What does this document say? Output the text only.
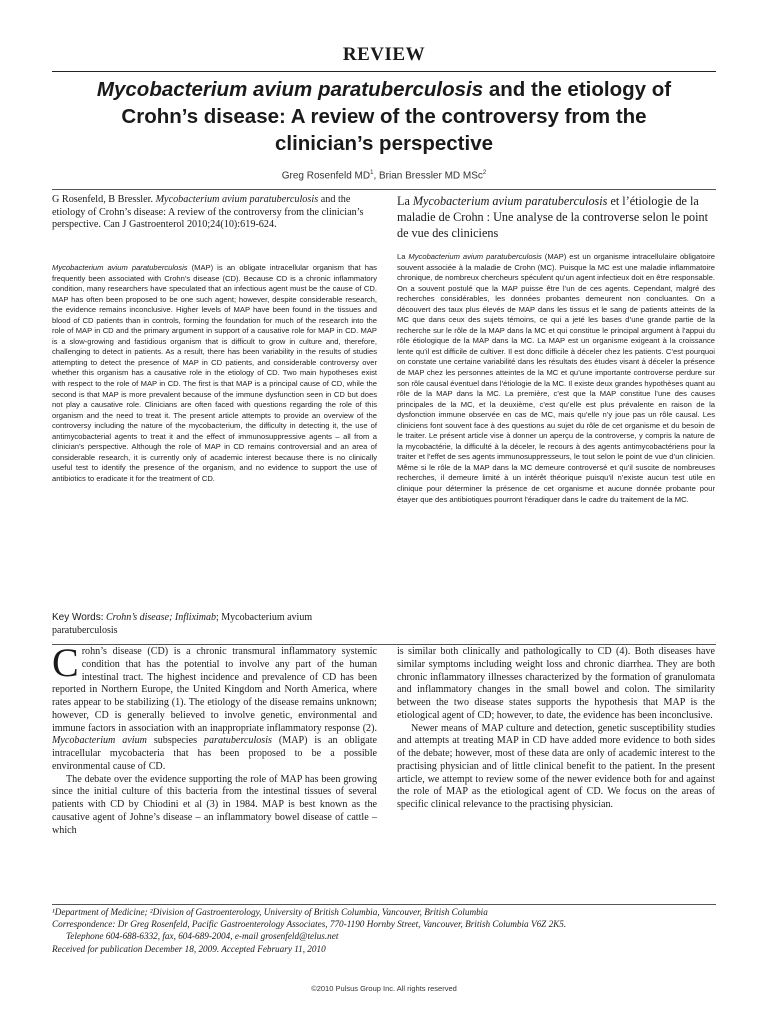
REVIEW
Mycobacterium avium paratuberculosis and the etiology of Crohn’s disease: A review of the controversy from the clinician’s perspective
Greg Rosenfeld $MD^1$, Brian Bressler MD MSc$^2$

G Rosenfeld, B Bressler. Mycobacterium avium paratuberculosis and the etiology of Crohn’s disease: A review of the controversy from the clinician’s perspective. Can J Gastroenterol 2010;24(10):619-624.

Mycobacterium avium paratuberculosis (MAP) is an obligate intracellular organism that has frequently been associated with Crohn’s disease (CD). Because CD is a chronic inflammatory condition, many researchers have speculated that an infectious agent must be the cause of CD. MAP has often been proposed to be one such agent; however, despite considerable research, the evidence remains inconclusive. Higher levels of MAP have been found in the tissues and blood of CD patients than in controls, forming the foundation for much of the research into the role of MAP in CD and the primary argument in support of a causative role for MAP in CD. MAP is a slow-growing and fastidious organism that is difficult to grow in culture and, therefore, challenging to detect in patients. As a result, there has been variability in the results of studies attempting to detect the presence of MAP in CD patients, and considerable controversy over whether this organism has a causative role in the etiology of CD. Two main hypotheses exist with respect to the role of MAP in CD. The first is that MAP is a principal cause of CD, while the second is that MAP is more prevalent because of the immune dysfunction seen in CD but does not play a causative role. Clinicians are often faced with questions regarding the role of this organism and the need to treat it. The present article attempts to provide an overview of the controversy including the nature of the mycobacterium, the difficulty in detecting it, the use of antimycobacterial agents to treat it and the effect of immunosuppressive agents – all from a clinician’s perspective. Although the role of MAP in CD remains controversial and an area of considerable research, it is currently only of academic interest because there is no clinically useful test to identify the presence of the organism, and no evidence to support the use of antibiotics to eradicate it for the treatment of CD.

Key Words: Crohn’s disease; Infliximab; Mycobacterium avium paratuberculosis

La Mycobacterium avium paratuberculosis et l’étiologie de la maladie de Crohn : Une analyse de la controverse selon le point de vue des cliniciens

La Mycobacterium avium paratuberculosis (MAP) est un organisme intracellulaire obligatoire souvent associée à la maladie de Crohn (MC). Puisque la MC est une maladie inflammatoire chronique, de nombreux chercheurs spéculent qu’un agent infectieux doit en être responsable. On a souvent postulé que la MAP puisse être l’un de ces agents. Cependant, malgré des recherches considérables, les données probantes demeurent non concluantes. On a découvert des taux plus élevés de MAP dans les tissus et le sang de patients atteints de la MC que dans ceux des sujets témoins, ce qui a jeté les bases d’une grande partie de la recherche sur le rôle de la MAP dans la MC et qui constitue le principal argument à l’appui du rôle étiologique de la MAP dans la MC. La MAP est un organisme exigeant à la croissance lente qu’il est difficile de cultiver. Il est donc difficile à déceler chez les patients. C’est pourquoi on constate une certaine variabilité dans les résultats des études visant à déceler la présence de MAP chez les personnes atteintes de la MC et qu’une importante controverse perdure sur son rôle causal éventuel dans l’étiologie de la MC. Il existe deux grandes hypothèses quant au rôle de la MAP dans la MC. La première, c’est que la MAP constitue l’une des causes principales de la MC, et la deuxième, c’est qu’elle est plus prévalente en raison de la dysfonction immune observée en cas de MC, mais qu’elle n’y joue pas un rôle causal. Les cliniciens font souvent face à des questions au sujet du rôle de cet organisme et du besoin de le traiter. Le présent article vise à donner un aperçu de la controverse, y compris la nature de la mycobactérie, la difficulté à la déceler, le recours à des agents antimycobactériens pour la traiter et l’effet de ses agents immunosuppresseurs, le tout selon le point de vue d’un clinicien. Même si le rôle de la MAP dans la MC demeure controversé et qu’il suscite de nombreuses recherches, il demeure limité à un intérêt théorique puisqu’il n’existe aucun test utile en clinique pour déterminer la présence de cet organisme et aucune donnée probante pour étayer que des antibiotiques pourront l’éradiquer dans le cadre du traitement de la MC.

Crohn’s disease (CD) is a chronic transmural inflammatory systemic condition that has the potential to involve any part of the human intestinal tract. The highest incidence and prevalence of CD has been reported in Northern Europe, the United Kingdom and North America, where rates appear to be stabilizing (1). The etiology of the disease remains unknown; however, CD is generally believed to involve genetic, environmental and immune factors in association with an inappropriate inflammatory response (2). Mycobacterium avium subspecies paratuberculosis (MAP) is an obligate intracellular mycobacteria that has been proposed to be a possible environmental cause of CD.

The debate over the evidence supporting the role of MAP has been growing since the initial culture of this bacteria from the intestinal tissues of several patients with CD by Chiodini et al (3) in 1984. MAP is best known as the causative agent of Johne’s disease – an inflammatory bowel disease of cattle – which

is similar both clinically and pathologically to CD (4). Both diseases have similar symptoms including weight loss and chronic diarrhea. They are both chronic inflammatory illnesses characterized by the formation of granulomata and inflammatory changes in the small bowel and colon. The similarity between the two disease states supports the hypothesis that MAP is the etiological agent of CD; however, to date, the evidence has been inconclusive.

Newer means of MAP culture and detection, genetic susceptibility studies and attempts at treating MAP in CD have added more evidence to both sides of the debate; however, most of these data are only of academic interest to the practising physician and of little clinical benefit to the patient. In the present article, we attempt to review some of the newer evidence both for and against the role of MAP as the etiological agent of CD. We focus on the areas of specific clinical relevance to the practising physician.

¹Department of Medicine; ²Division of Gastroenterology, University of British Columbia, Vancouver, British Columbia
Correspondence: Dr Greg Rosenfeld, Pacific Gastroenterology Associates, 770-1190 Hornby Street, Vancouver, British Columbia V6Z 2K5.
Telephone 604-688-6332, fax, 604-689-2004, e-mail grosenfeld@telus.net
Received for publication December 18, 2009. Accepted February 11, 2010
©2010 Pulsus Group Inc. All rights reserved
